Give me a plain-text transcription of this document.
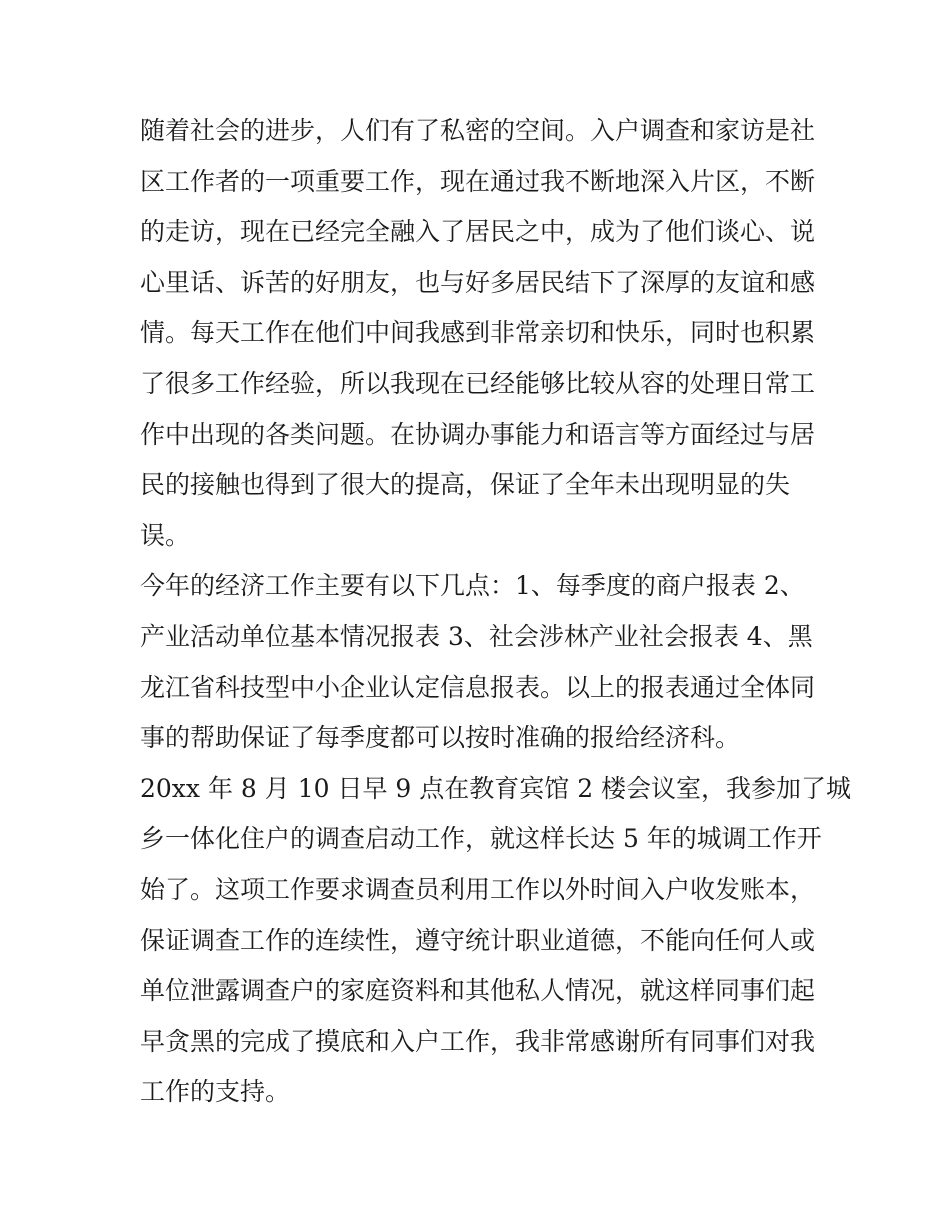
随着社会的进步，人们有了私密的空间。入户调查和家访是社
区工作者的一项重要工作，现在通过我不断地深入片区，不断
的走访，现在已经完全融入了居民之中，成为了他们谈心、说
心里话、诉苦的好朋友，也与好多居民结下了深厚的友谊和感
情。每天工作在他们中间我感到非常亲切和快乐，同时也积累
了很多工作经验，所以我现在已经能够比较从容的处理日常工
作中出现的各类问题。在协调办事能力和语言等方面经过与居
民的接触也得到了很大的提高，保证了全年未出现明显的失
误。
今年的经济工作主要有以下几点：1、每季度的商户报表 2、
产业活动单位基本情况报表 3、社会涉林产业社会报表 4、黑
龙江省科技型中小企业认定信息报表。以上的报表通过全体同
事的帮助保证了每季度都可以按时准确的报给经济科。
20xx 年 8 月 10 日早 9 点在教育宾馆 2 楼会议室，我参加了城
乡一体化住户的调查启动工作，就这样长达 5 年的城调工作开
始了。这项工作要求调查员利用工作以外时间入户收发账本，
保证调查工作的连续性，遵守统计职业道德，不能向任何人或
单位泄露调查户的家庭资料和其他私人情况，就这样同事们起
早贪黑的完成了摸底和入户工作，我非常感谢所有同事们对我
工作的支持。
